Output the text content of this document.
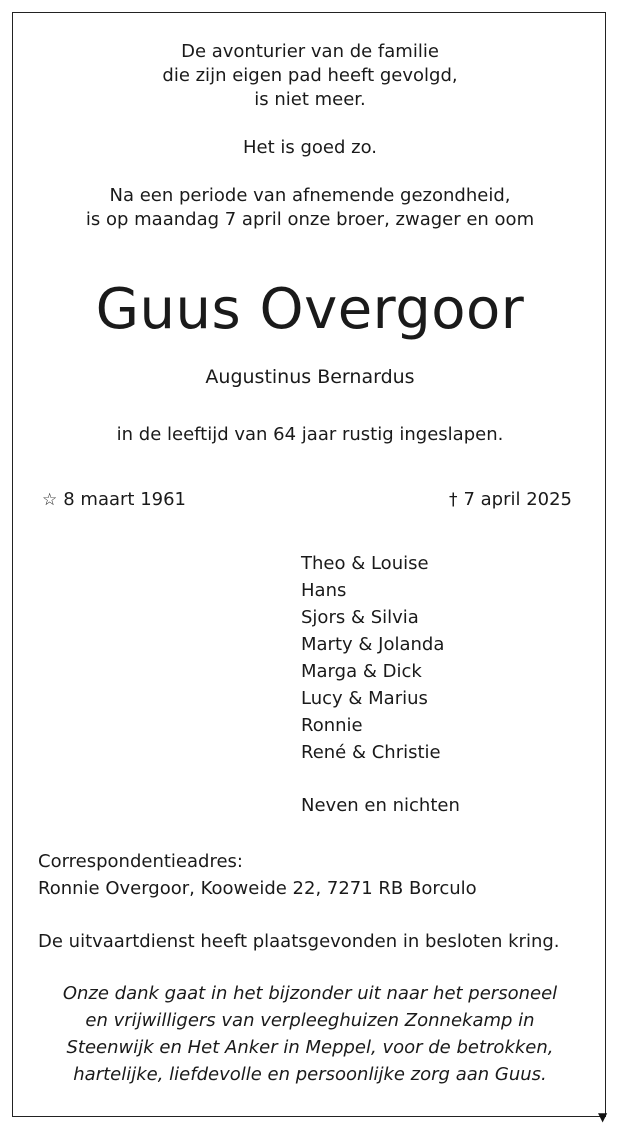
▼

De avonturier van de familie

die zijn eigen pad heeft gevolgd,

is niet meer.

Het is goed zo.

Na een periode van afnemende gezondheid,

is op maandag 7 april onze broer, zwager en oom

Guus Overgoor
Augustinus Bernardus
in de leeftijd van 64 jaar rustig ingeslapen.
☆ 8 maart 1961	† 7 april 2025
Theo & Louise
Hans
Sjors & Silvia
Marty & Jolanda
Marga & Dick
Lucy & Marius
Ronnie
René & Christie
Neven en nichten
Correspondentieadres:
Ronnie Overgoor, Kooweide 22, 7271 RB Borculo
De uitvaartdienst heeft plaatsgevonden in besloten kring.

Onze dank gaat in het bijzonder uit naar het personeel

en vrijwilligers van verpleeghuizen Zonnekamp in

Steenwijk en Het Anker in Meppel, voor de betrokken,

hartelijke, liefdevolle en persoonlijke zorg aan Guus.
